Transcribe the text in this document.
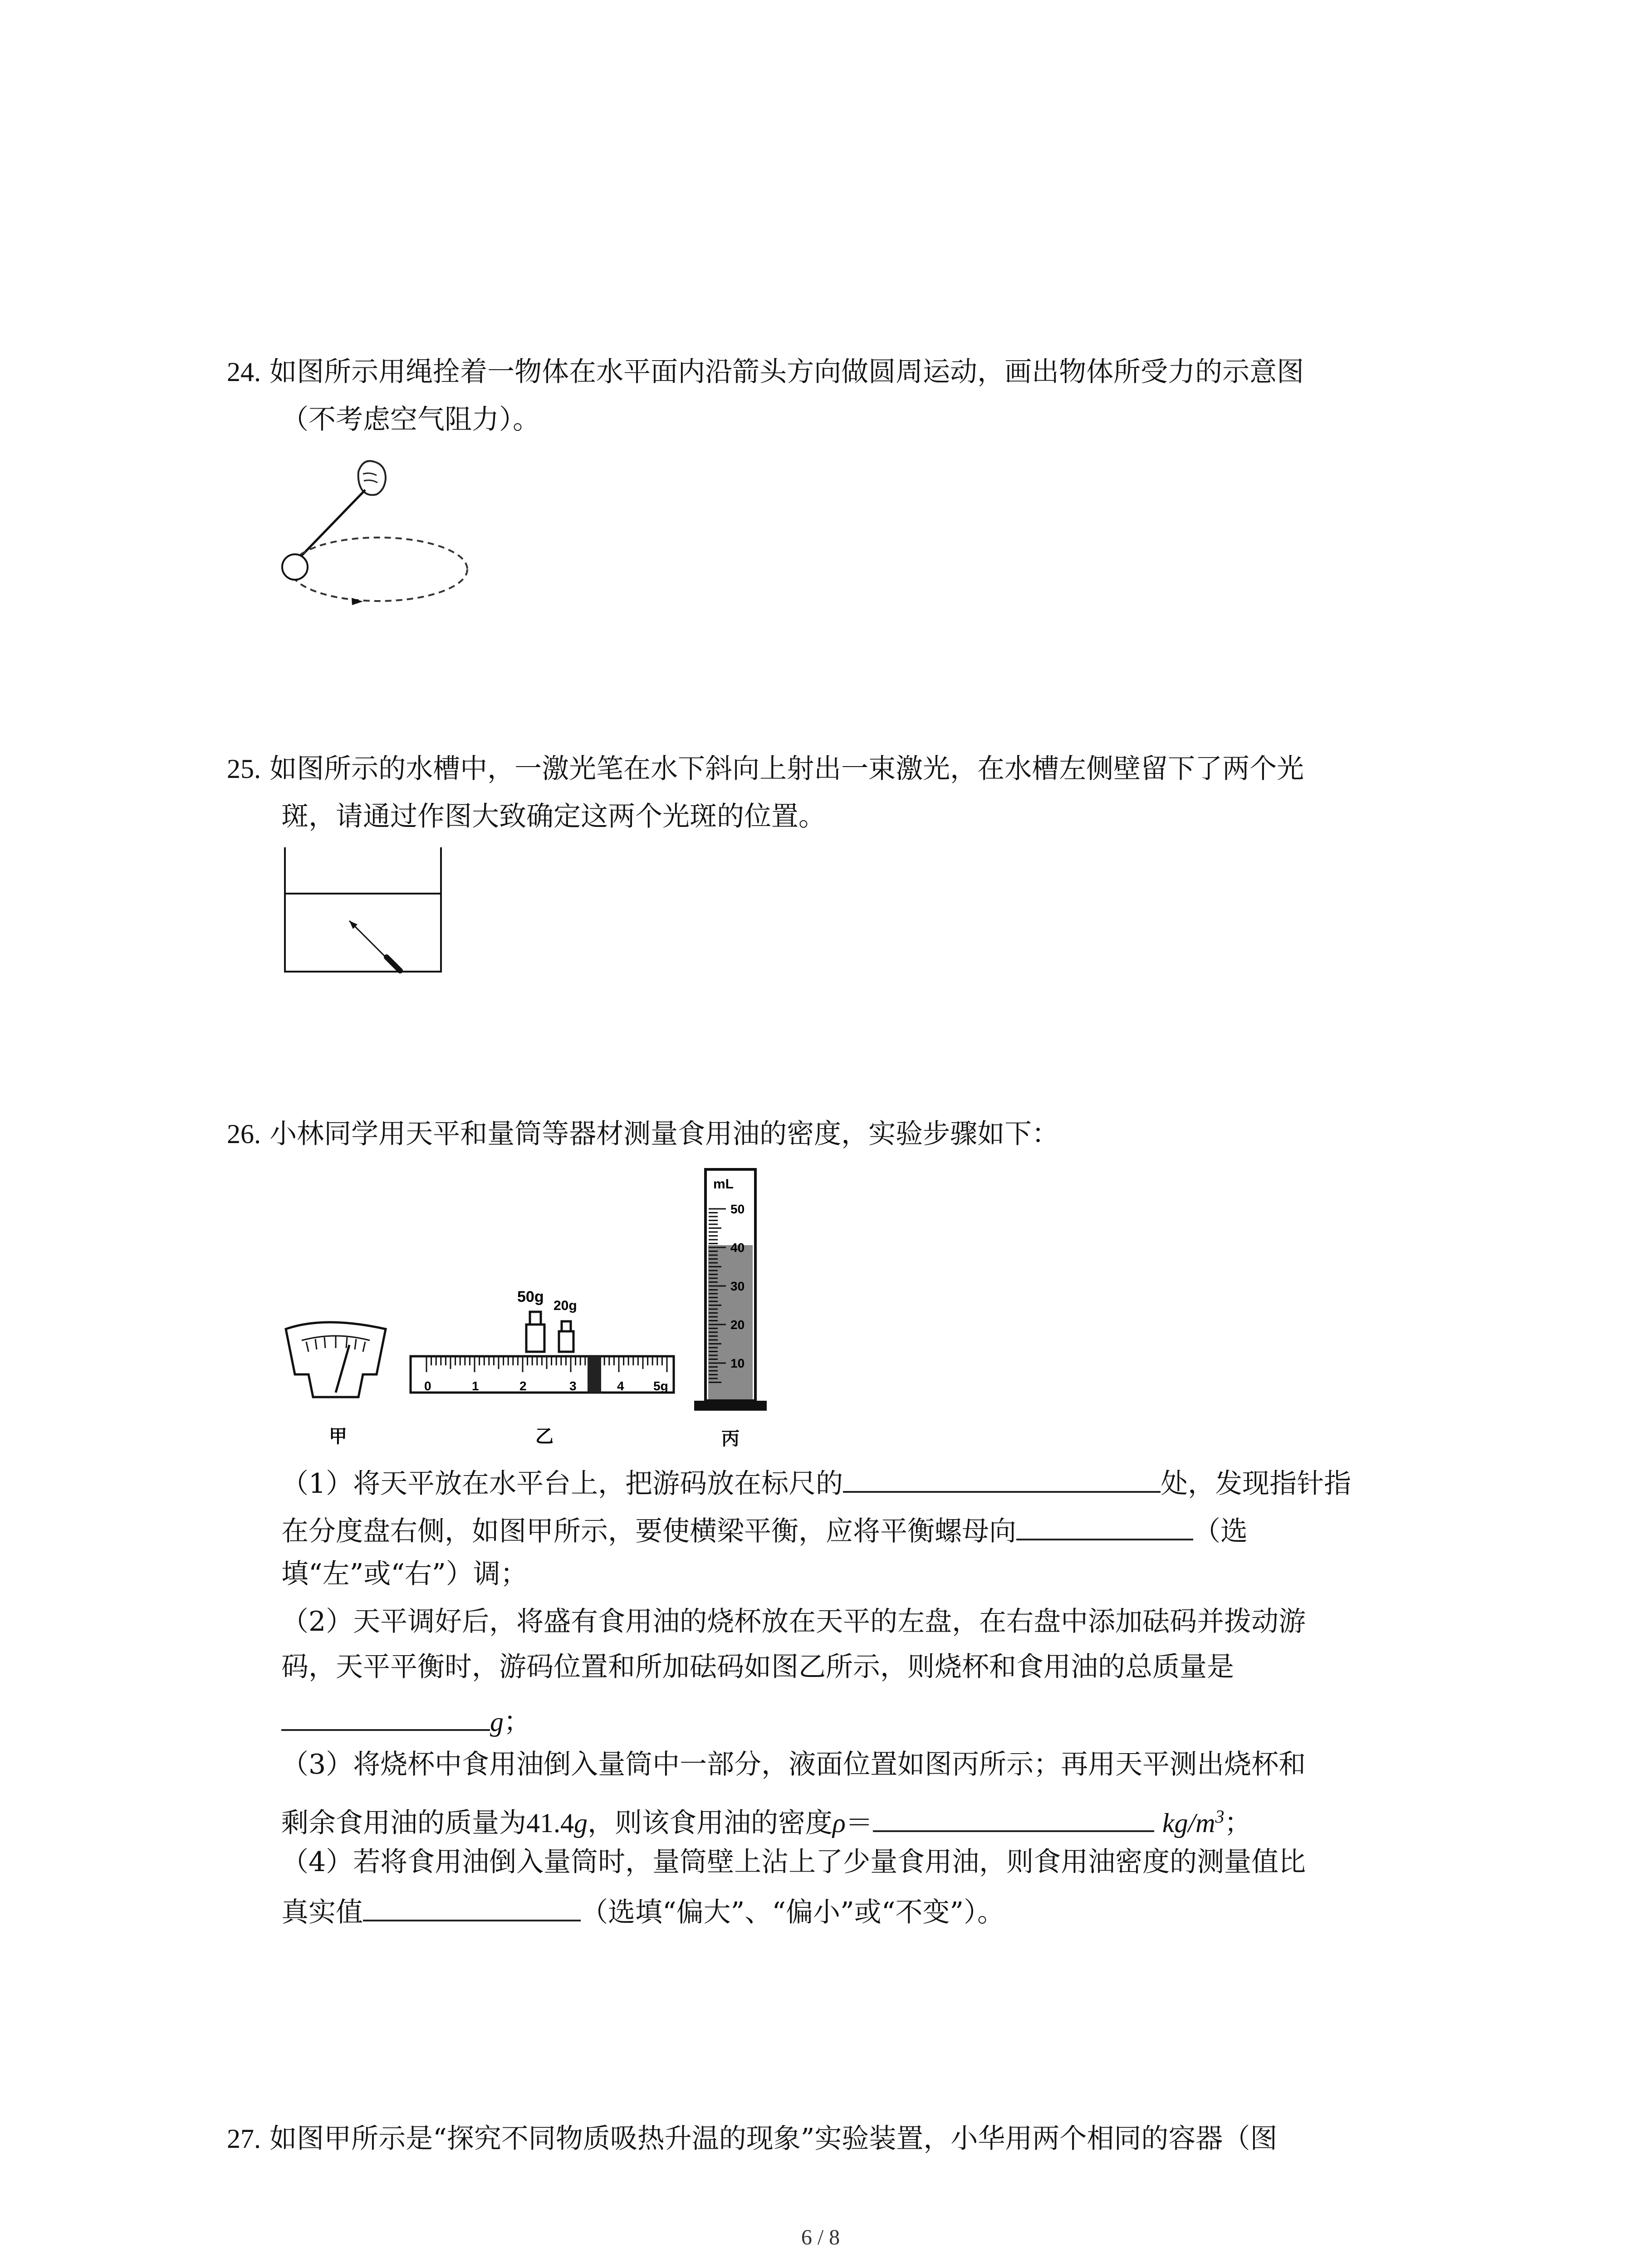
24. 如图所示用绳拴着一物体在水平面内沿箭头方向做圆周运动，画出物体所受力的示意图
（不考虑空气阻力）。
25. 如图所示的水槽中，一激光笔在水下斜向上射出一束激光，在水槽左侧壁留下了两个光
斑，请通过作图大致确定这两个光斑的位置。
26. 小林同学用天平和量筒等器材测量食用油的密度，实验步骤如下：
甲
0	1	2	3	4 5g
50g
20g
乙
mL
50
40
30
20
10
丙
（1）将天平放在水平台上，把游码放在标尺的	处，发现指针指
在分度盘右侧，如图甲所示，要使横梁平衡，应将平衡螺母向	（选
填“左”或“右”）调；
（2）天平调好后，将盛有食用油的烧杯放在天平的左盘，在右盘中添加砝码并拨动游
码，天平平衡时，游码位置和所加砝码如图乙所示，则烧杯和食用油的总质量是
g；
（3）将烧杯中食用油倒入量筒中一部分，液面位置如图丙所示；再用天平测出烧杯和
剩余食用油的质量为41.4g，则该食用油的密度ρ＝	$kg/m^3$；
（4）若将食用油倒入量筒时，量筒壁上沾上了少量食用油，则食用油密度的测量值比
真实值	（选填“偏大”、“偏小”或“不变”）。
27. 如图甲所示是“探究不同物质吸热升温的现象”实验装置，小华用两个相同的容器（图
6 / 8
